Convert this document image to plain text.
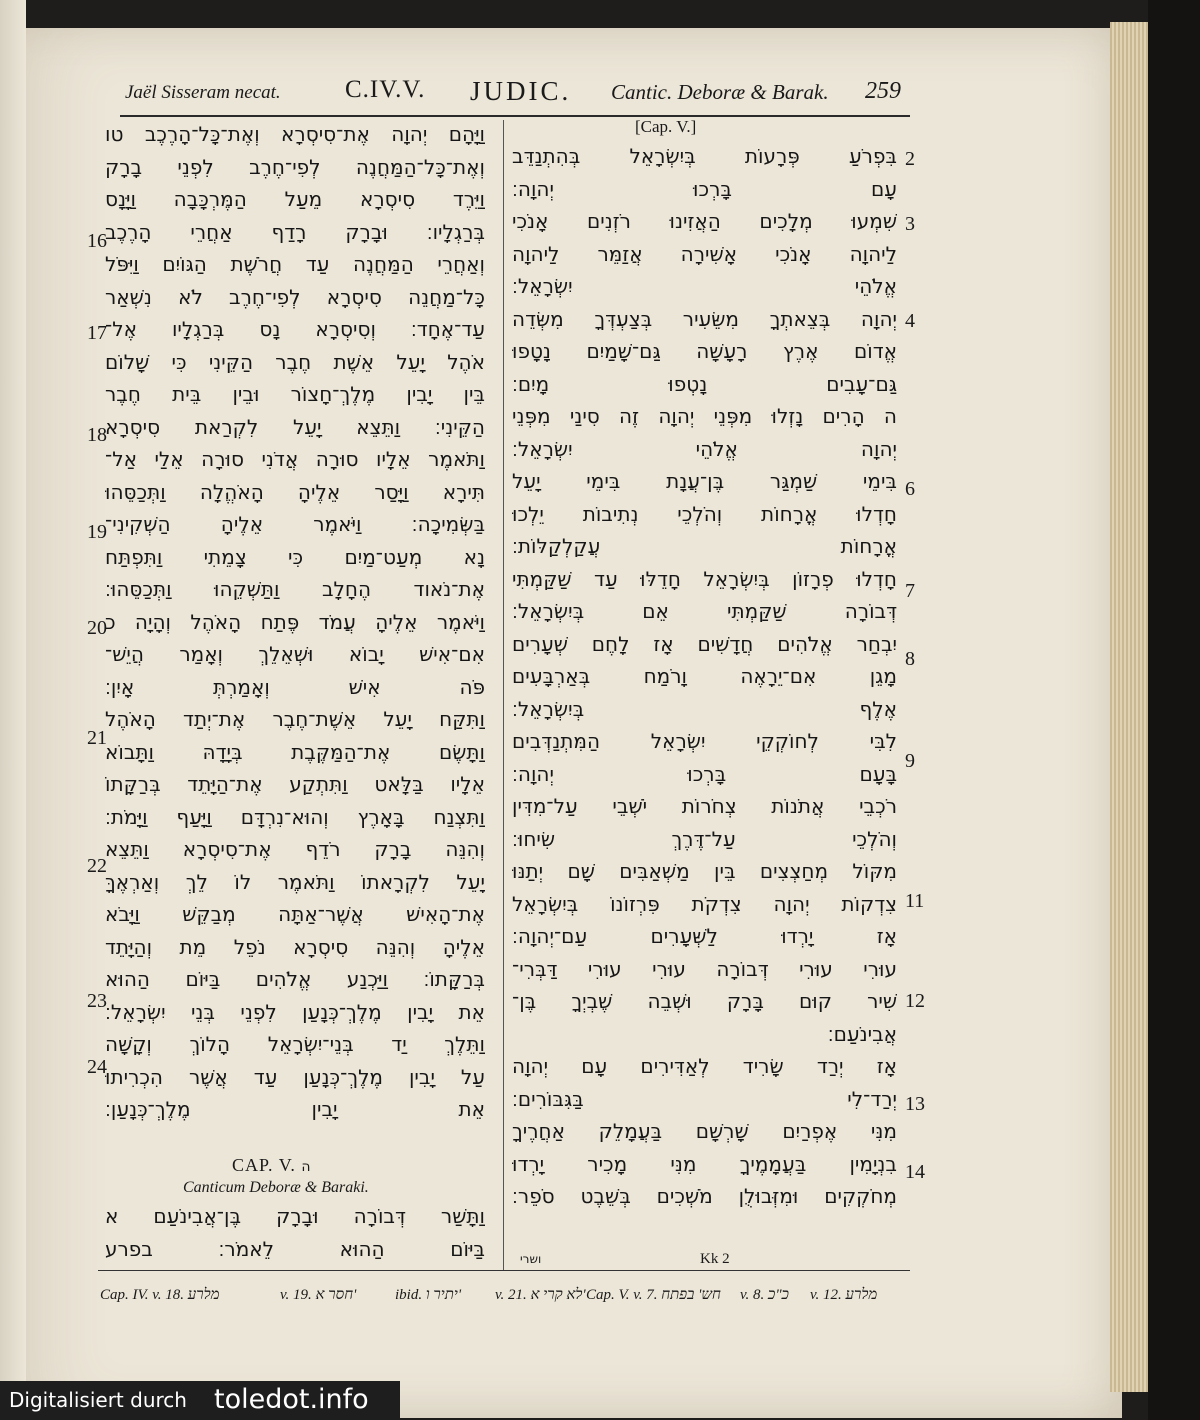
Jaël Sisseram necat.	C.IV.V. JUDIC. Cantic. Deboræ & Barak. 259
וַיָּהָם יְהוָה אֶת־סִיסְרָא וְאֶת־כָּל־הָרֶכֶב טו
וְאֶת־כָּל־הַמַּחֲנֶה לְפִי־חֶרֶב לִפְנֵי בָרָק
וַיֵּרֶד סִיסְרָא מֵעַל הַמֶּרְכָּבָה וַיָּנָס
בְּרַגְלָיו׃ וּבָרָק רָדַף אַחֲרֵי הָרֶכֶב
וְאַחֲרֵי הַמַּחֲנֶה עַד חֲרֹשֶׁת הַגּוֹיִם וַיִּפֹּל
כָּל־מַחֲנֵה סִיסְרָא לְפִי־חֶרֶב לֹא נִשְׁאַר
עַד־אֶחָד׃ וְסִיסְרָא נָס בְּרַגְלָיו אֶל־
אֹהֶל יָעֵל אֵשֶׁת חֶבֶר הַקֵּינִי כִּי שָׁלוֹם
בֵּין יָבִין מֶלֶךְ־חָצוֹר וּבֵין בֵּית חֶבֶר
הַקֵּינִי׃ וַתֵּצֵא יָעֵל לִקְרַאת סִיסְרָא
וַתֹּאמֶר אֵלָיו סוּרָה אֲדֹנִי סוּרָה אֵלַי אַל־
תִּירָא וַיָּסַר אֵלֶיהָ הָאֹהֱלָה וַתְּכַסֵּהוּ
בַּשְּׂמִיכָה׃ וַיֹּאמֶר אֵלֶיהָ הַשְׁקִינִי־
נָא מְעַט־מַיִם כִּי צָמֵתִי וַתִּפְתַּח
אֶת־נֹאוד הֶחָלָב וַתַּשְׁקֵהוּ וַתְּכַסֵּהוּ׃
וַיֹּאמֶר אֵלֶיהָ עֲמֹד פֶּתַח הָאֹהֶל וְהָיָה כ
אִם־אִישׁ יָבוֹא וּשְׁאֵלֵךְ וְאָמַר הֲיֵשׁ־
פֹּה אִישׁ וְאָמַרְתְּ אָיִן׃
וַתִּקַּח יָעֵל אֵשֶׁת־חֶבֶר אֶת־יְתַד הָאֹהֶל
וַתָּשֶׂם אֶת־הַמַּקֶּבֶת בְּיָדָהּ וַתָּבוֹא
אֵלָיו בַּלָּאט וַתִּתְקַע אֶת־הַיָּתֵד בְּרַקָּתוֹ
וַתִּצְנַח בָּאָרֶץ וְהוּא־נִרְדָּם וַיָּעַף וַיָּמֹת׃
וְהִנֵּה בָרָק רֹדֵף אֶת־סִיסְרָא וַתֵּצֵא
יָעֵל לִקְרָאתוֹ וַתֹּאמֶר לוֹ לֵךְ וְאַרְאֶךָּ
אֶת־הָאִישׁ אֲשֶׁר־אַתָּה מְבַקֵּשׁ וַיָּבֹא
אֵלֶיהָ וְהִנֵּה סִיסְרָא נֹפֵל מֵת וְהַיָּתֵד
בְּרַקָּתוֹ׃ וַיַּכְנַע אֱלֹהִים בַּיּוֹם הַהוּא
אֵת יָבִין מֶלֶךְ־כְּנָעַן לִפְנֵי בְּנֵי יִשְׂרָאֵל׃
וַתֵּלֶךְ יַד בְּנֵי־יִשְׂרָאֵל הָלוֹךְ וְקָשָׁה
עַל יָבִין מֶלֶךְ־כְּנָעַן עַד אֲשֶׁר הִכְרִיתוּ
אֵת יָבִין מֶלֶךְ־כְּנָעַן׃
CAP. V. ה
Canticum Deboræ & Baraki.
וַתָּשַׁר דְּבוֹרָה וּבָרָק בֶּן־אֲבִינֹעַם א
בַּיּוֹם הַהוּא לֵאמֹר׃ בפרע
[Cap. V.]
בִּפְרֹעַ פְּרָעוֹת בְּיִשְׂרָאֵל בְּהִתְנַדֵּב
עָם בָּרְכוּ יְהוָה׃
שִׁמְעוּ מְלָכִים הַאֲזִינוּ רֹזְנִים אָנֹכִי
לַיהוָה אָנֹכִי אָשִׁירָה אֲזַמֵּר לַיהוָה
אֱלֹהֵי יִשְׂרָאֵל׃
יְהוָה בְּצֵאתְךָ מִשֵּׂעִיר בְּצַעְדְּךָ מִשְּׂדֵה
אֱדוֹם אֶרֶץ רָעָשָׁה גַּם־שָׁמַיִם נָטָפוּ
גַּם־עָבִים נָטְפוּ מָיִם׃
ה הָרִים נָזְלוּ מִפְּנֵי יְהוָה זֶה סִינַי מִפְּנֵי
יְהוָה אֱלֹהֵי יִשְׂרָאֵל׃
בִּימֵי שַׁמְגַּר בֶּן־עֲנָת בִּימֵי יָעֵל
חָדְלוּ אֳרָחוֹת וְהֹלְכֵי נְתִיבוֹת יֵלְכוּ
אֳרָחוֹת עֲקַלְקַלּוֹת׃
חָדְלוּ פְרָזוֹן בְּיִשְׂרָאֵל חָדֵלּוּ עַד שַׁקַּמְתִּי
דְּבוֹרָה שַׁקַּמְתִּי אֵם בְּיִשְׂרָאֵל׃
יִבְחַר אֱלֹהִים חֲדָשִׁים אָז לָחֶם שְׁעָרִים
מָגֵן אִם־יֵרָאֶה וָרֹמַח בְּאַרְבָּעִים
אֶלֶף בְּיִשְׂרָאֵל׃
לִבִּי לְחוֹקְקֵי יִשְׂרָאֵל הַמִּתְנַדְּבִים
בָּעָם בָּרְכוּ יְהוָה׃
רֹכְבֵי אֲתֹנוֹת צְחֹרוֹת יֹשְׁבֵי עַל־מִדִּין
וְהֹלְכֵי עַל־דֶּרֶךְ שִׂיחוּ׃
מִקּוֹל מְחַצְצִים בֵּין מַשְׁאַבִּים שָׁם יְתַנּוּ
צִדְקוֹת יְהוָה צִדְקֹת פִּרְזוֹנוֹ בְּיִשְׂרָאֵל
אָז יָרְדוּ לַשְּׁעָרִים עַם־יְהוָה׃
עוּרִי עוּרִי דְּבוֹרָה עוּרִי עוּרִי דַּבְּרִי־
שִׁיר קוּם בָּרָק וּשְׁבֵה שֶׁבְיְךָ בֶּן־
אֲבִינֹעַם׃
אָז יְרַד שָׂרִיד לְאַדִּירִים עָם יְהוָה
יְרַד־לִי בַּגִּבּוֹרִים׃
מִנִּי אֶפְרַיִם שָׁרְשָׁם בַּעֲמָלֵק אַחֲרֶיךָ
בִנְיָמִין בַּעֲמָמֶיךָ מִנִּי מָכִיר יָרְדוּ
מְחֹקְקִים וּמִזְּבוּלֻן מֹשְׁכִים בְּשֵׁבֶט סֹפֵר׃
16
17
18
19
20
21
22
23
24
2
3
4
6
7
8
9
11
12
13
14
ושרי	Kk 2
Cap. IV. v. 18. מלרע	v. 19. חסר א'	ibid. יתיר ו' v. 21. לא קרי א' Cap. V. v. 7. חש' בפתח v. 8. כ"כ v. 12. מלרע
Digitalisiert durch toledot.info
